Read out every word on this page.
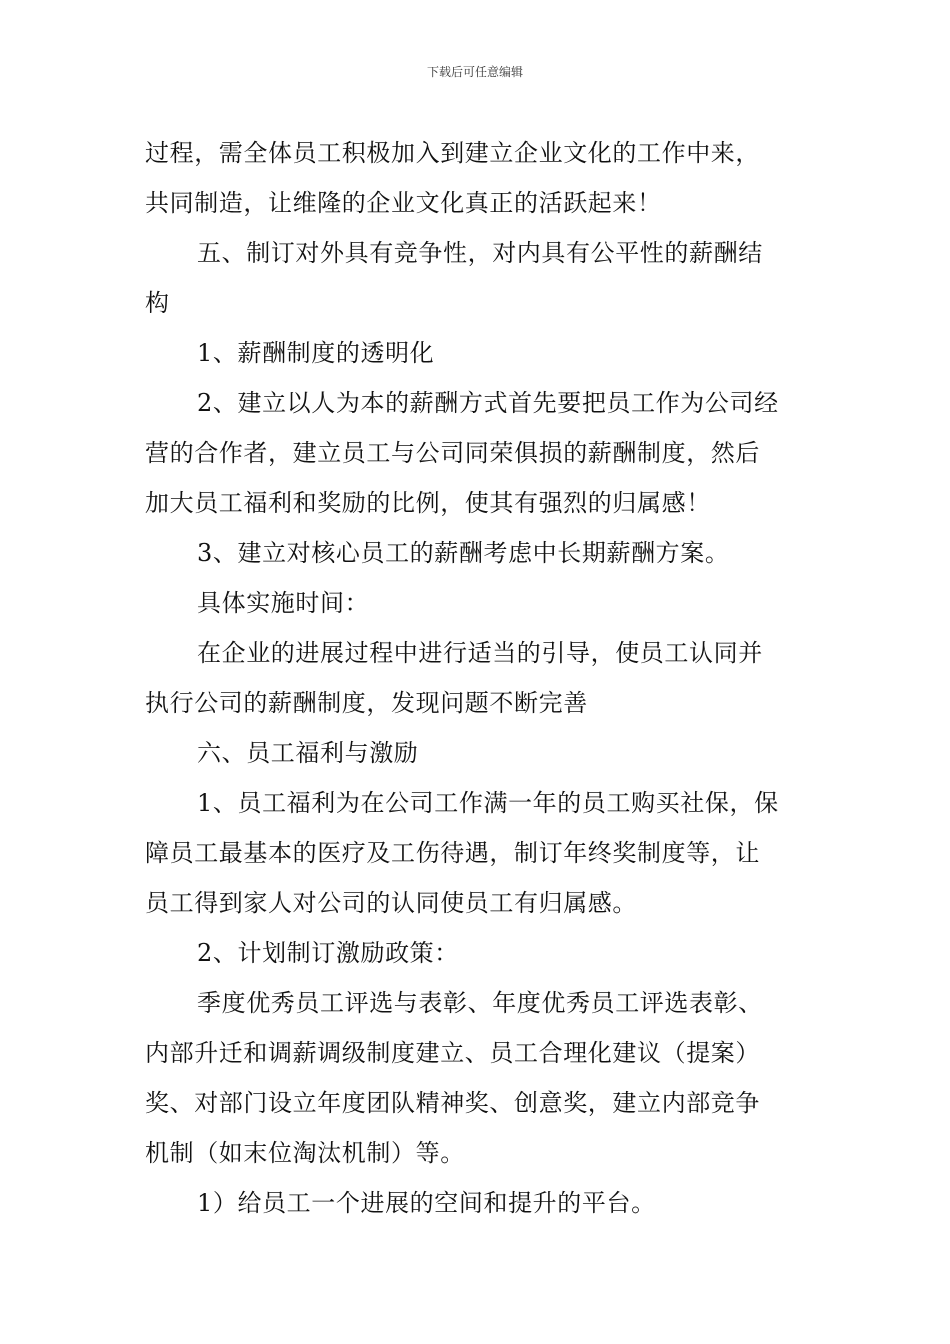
下载后可任意编辑
过程，需全体员工积极加入到建立企业文化的工作中来，
共同制造，让维隆的企业文化真正的活跃起来！
五、制订对外具有竞争性，对内具有公平性的薪酬结
构
1、薪酬制度的透明化
2、建立以人为本的薪酬方式首先要把员工作为公司经
营的合作者，建立员工与公司同荣俱损的薪酬制度，然后
加大员工福利和奖励的比例，使其有强烈的归属感！
3、建立对核心员工的薪酬考虑中长期薪酬方案。
具体实施时间：
在企业的进展过程中进行适当的引导，使员工认同并
执行公司的薪酬制度，发现问题不断完善
六、员工福利与激励
1、员工福利为在公司工作满一年的员工购买社保，保
障员工最基本的医疗及工伤待遇，制订年终奖制度等，让
员工得到家人对公司的认同使员工有归属感。
2、计划制订激励政策：
季度优秀员工评选与表彰、年度优秀员工评选表彰、
内部升迁和调薪调级制度建立、员工合理化建议（提案）
奖、对部门设立年度团队精神奖、创意奖，建立内部竞争
机制（如末位淘汰机制）等。
1）给员工一个进展的空间和提升的平台。
